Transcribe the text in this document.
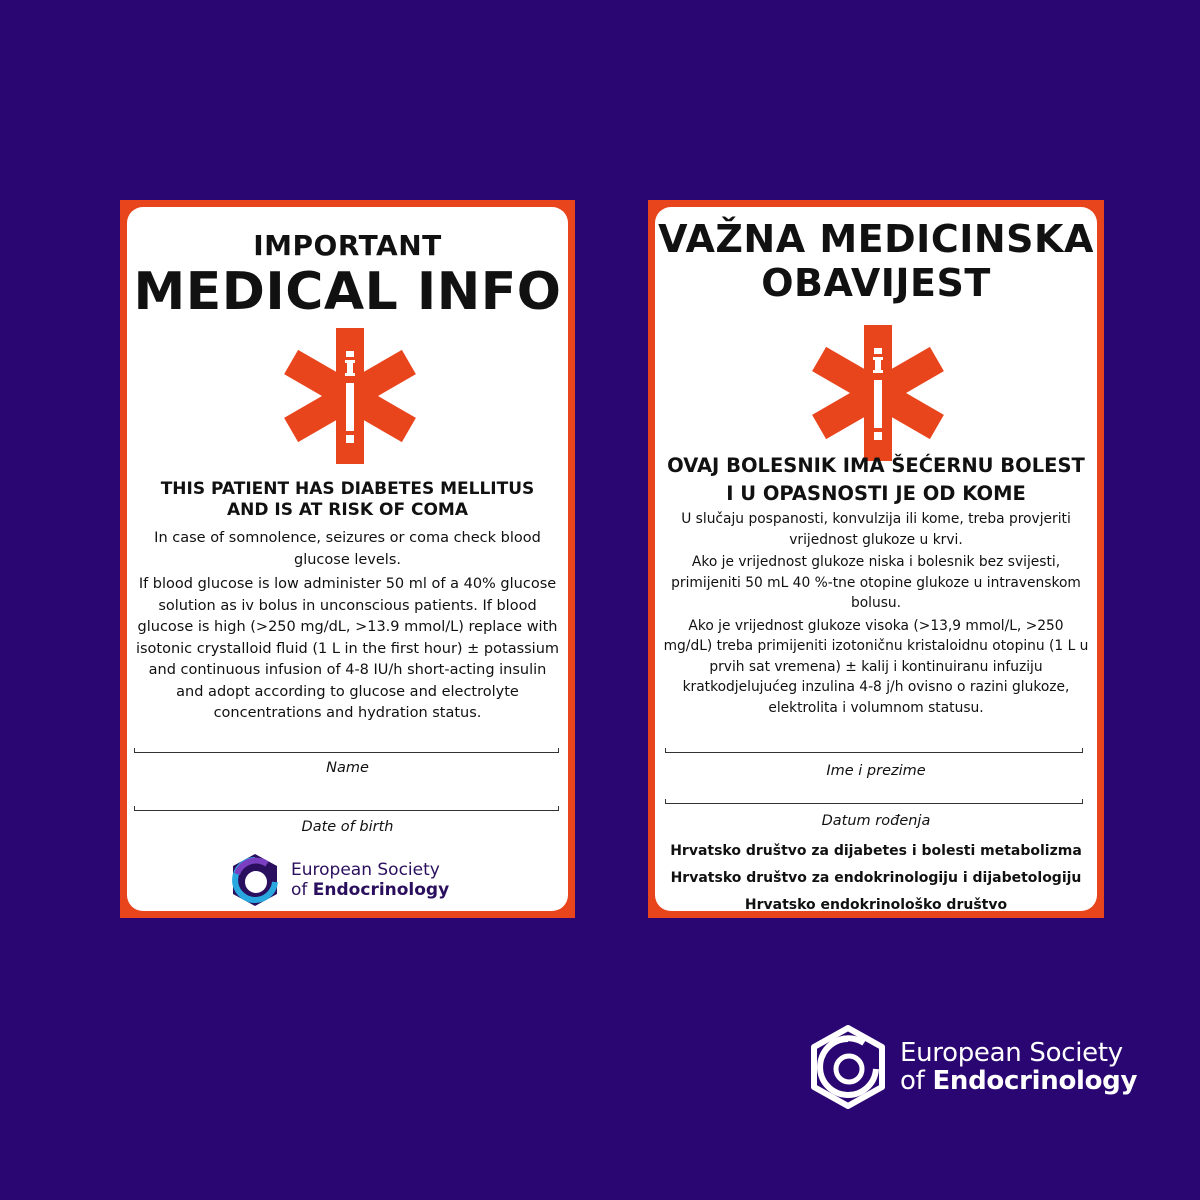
IMPORTANT
MEDICAL INFO
THIS PATIENT HAS DIABETES MELLITUS
AND IS AT RISK OF COMA

In case of somnolence, seizures or coma check blood glucose levels.

If blood glucose is low administer 50 ml of a 40% glucose solution as iv bolus in unconscious patients. If blood glucose is high (>250 mg/dL, >13.9 mmol/L) replace with isotonic crystalloid fluid (1 L in the first hour) ± potassium and continuous infusion of 4-8 IU/h short-acting insulin and adopt according to glucose and electrolyte concentrations and hydration status.

Name
Date of birth
European Society
of Endocrinology
VAŽNA MEDICINSKA
OBAVIJEST
OVAJ BOLESNIK IMA ŠEĆERNU BOLEST
I U OPASNOSTI JE OD KOME

U slučaju pospanosti, konvulzija ili kome, treba provjeriti vrijednost glukoze u krvi.

Ako je vrijednost glukoze niska i bolesnik bez svijesti, primijeniti 50 mL 40 %-tne otopine glukoze u intravenskom bolusu.

Ako je vrijednost glukoze visoka (>13,9 mmol/L, >250 mg/dL) treba primijeniti izotoničnu kristaloidnu otopinu (1 L u prvih sat vremena) ± kalij i kontinuiranu infuziju kratkodjelujućeg inzulina 4-8 j/h ovisno o razini glukoze, elektrolita i volumnom statusu.

Ime i prezime
Datum rođenja
Hrvatsko društvo za dijabetes i bolesti metabolizma
Hrvatsko društvo za endokrinologiju i dijabetologiju
Hrvatsko endokrinološko društvo
European Society
of Endocrinology
